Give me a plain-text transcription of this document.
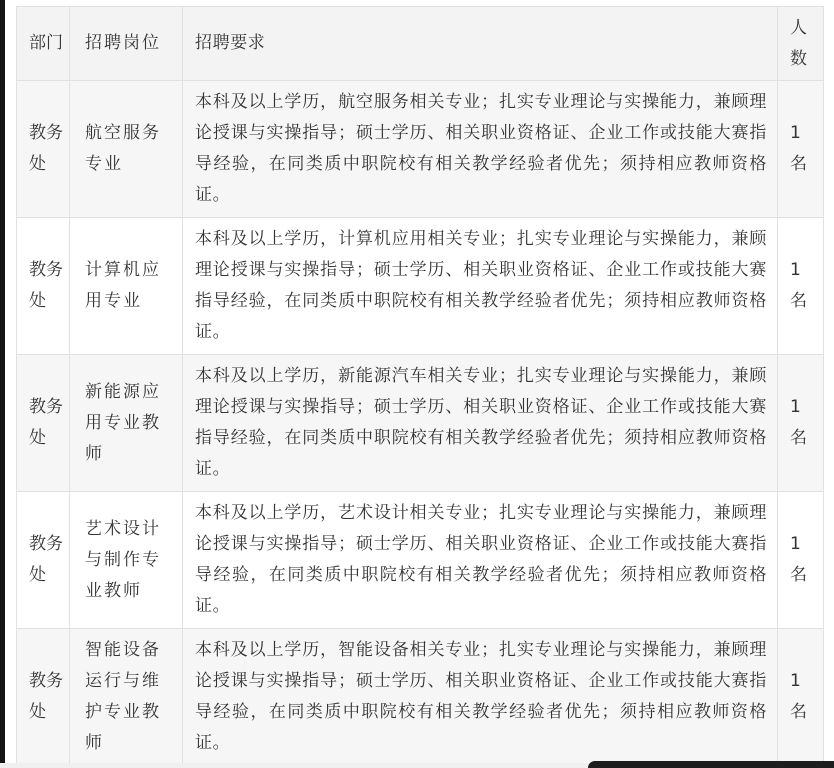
部门	招聘岗位	招聘要求	人数
教务处	航空服务专业	本科及以上学历，航空服务相关专业；扎实专业理论与实操能力，兼顾理论授课与实操指导；硕士学历、相关职业资格证、企业工作或技能大赛指导经验，在同类质中职院校有相关教学经验者优先；须持相应教师资格证。	1名
教务处	计算机应用专业	本科及以上学历，计算机应用相关专业；扎实专业理论与实操能力，兼顾理论授课与实操指导；硕士学历、相关职业资格证、企业工作或技能大赛指导经验，在同类质中职院校有相关教学经验者优先；须持相应教师资格证。	1名
教务处	新能源应用专业教师	本科及以上学历，新能源汽车相关专业；扎实专业理论与实操能力，兼顾理论授课与实操指导；硕士学历、相关职业资格证、企业工作或技能大赛指导经验，在同类质中职院校有相关教学经验者优先；须持相应教师资格证。	1名
教务处	艺术设计与制作专业教师	本科及以上学历，艺术设计相关专业；扎实专业理论与实操能力，兼顾理论授课与实操指导；硕士学历、相关职业资格证、企业工作或技能大赛指导经验，在同类质中职院校有相关教学经验者优先；须持相应教师资格证。	1名
教务处	智能设备运行与维护专业教师	本科及以上学历，智能设备相关专业；扎实专业理论与实操能力，兼顾理论授课与实操指导；硕士学历、相关职业资格证、企业工作或技能大赛指导经验，在同类质中职院校有相关教学经验者优先；须持相应教师资格证。	1名
